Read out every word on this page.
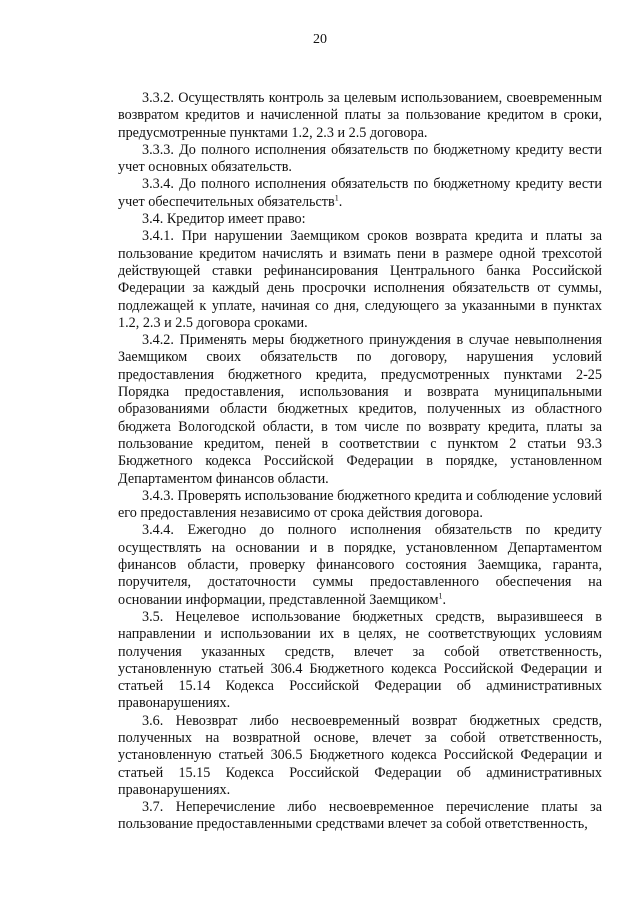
20

3.3.2. Осуществлять контроль за целевым использованием, своевременным возвратом кредитов и начисленной платы за пользование кредитом в сроки, предусмотренные пунктами 1.2, 2.3 и 2.5 договора.

3.3.3. До полного исполнения обязательств по бюджетному кредиту вести учет основных обязательств.

3.3.4. До полного исполнения обязательств по бюджетному кредиту вести учет обеспечительных обязательств$^1$.

3.4. Кредитор имеет право:

3.4.1. При нарушении Заемщиком сроков возврата кредита и платы за пользование кредитом начислять и взимать пени в размере одной трехсотой действующей ставки рефинансирования Центрального банка Российской Федерации за каждый день просрочки исполнения обязательств от суммы, подлежащей к уплате, начиная со дня, следующего за указанными в пунктах 1.2, 2.3 и 2.5 договора сроками.

3.4.2. Применять меры бюджетного принуждения в случае невыполнения Заемщиком своих обязательств по договору, нарушения условий предоставления бюджетного кредита, предусмотренных пунктами 2-25 Порядка предоставления, использования и возврата муниципальными образованиями области бюджетных кредитов, полученных из областного бюджета Вологодской области, в том числе по возврату кредита, платы за пользование кредитом, пеней в соответствии с пунктом 2 статьи 93.3 Бюджетного кодекса Российской Федерации в порядке, установленном Департаментом финансов области.

3.4.3. Проверять использование бюджетного кредита и соблюдение условий его предоставления независимо от срока действия договора.

3.4.4. Ежегодно до полного исполнения обязательств по кредиту осуществлять на основании и в порядке, установленном Департаментом финансов области, проверку финансового состояния Заемщика, гаранта, поручителя, достаточности суммы предоставленного обеспечения на основании информации, представленной Заемщиком$^1$.

3.5. Нецелевое использование бюджетных средств, выразившееся в направлении и использовании их в целях, не соответствующих условиям получения указанных средств, влечет за собой ответственность, установленную статьей 306.4 Бюджетного кодекса Российской Федерации и статьей 15.14 Кодекса Российской Федерации об административных правонарушениях.

3.6. Невозврат либо несвоевременный возврат бюджетных средств, полученных на возвратной основе, влечет за собой ответственность, установленную статьей 306.5 Бюджетного кодекса Российской Федерации и статьей 15.15 Кодекса Российской Федерации об административных правонарушениях.

3.7. Неперечисление либо несвоевременное перечисление платы за пользование предоставленными средствами влечет за собой ответственность,
